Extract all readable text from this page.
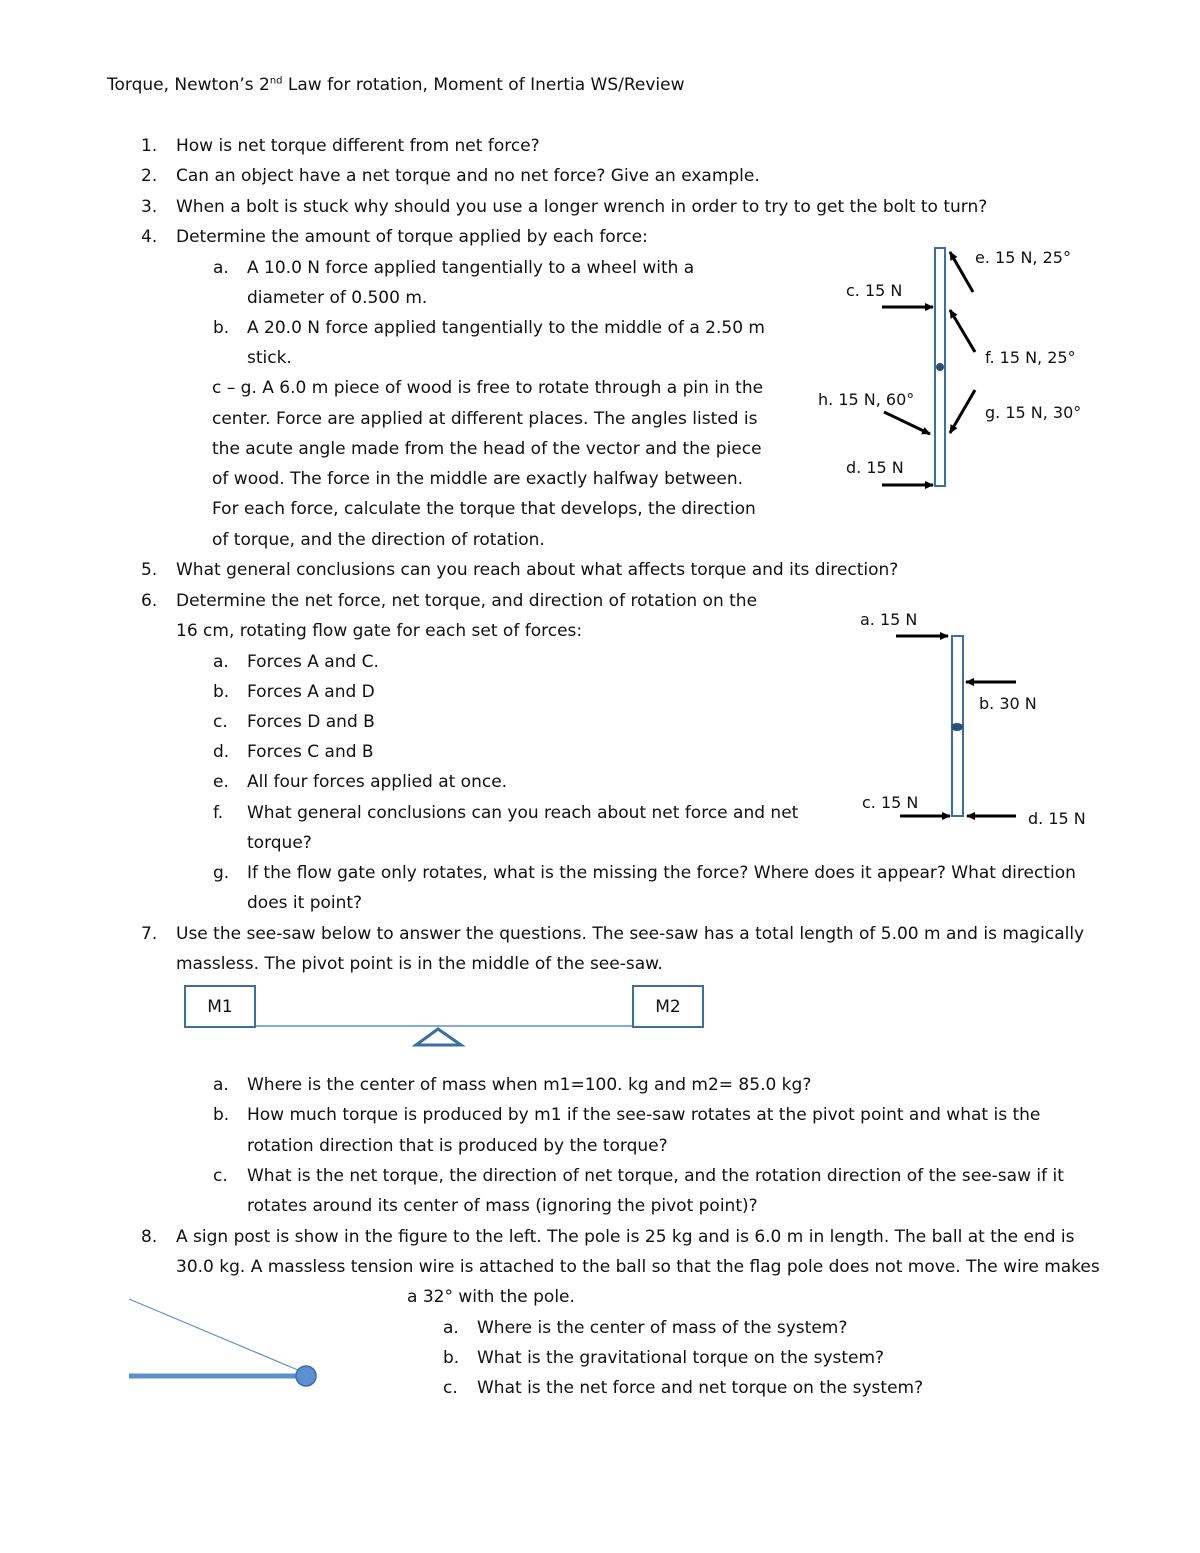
Torque, Newton’s 2nd Law for rotation, Moment of Inertia WS/Review
1. How is net torque different from net force?
2. Can an object have a net torque and no net force? Give an example.
3. When a bolt is stuck why should you use a longer wrench in order to try to get the bolt to turn?
4. Determine the amount of torque applied by each force:
a. A 10.0 N force applied tangentially to a wheel with a
diameter of 0.500 m.
b. A 20.0 N force applied tangentially to the middle of a 2.50 m
stick.
c – g. A 6.0 m piece of wood is free to rotate through a pin in the
center. Force are applied at different places. The angles listed is
the acute angle made from the head of the vector and the piece
of wood. The force in the middle are exactly halfway between.
For each force, calculate the torque that develops, the direction
of torque, and the direction of rotation.
e. 15 N, 25°
c. 15 N
f. 15 N, 25°
h. 15 N, 60°
g. 15 N, 30°
d. 15 N
5. What general conclusions can you reach about what affects torque and its direction?
6. Determine the net force, net torque, and direction of rotation on the
16 cm, rotating flow gate for each set of forces:
a. Forces A and C.
b. Forces A and D
c. Forces D and B
d. Forces C and B
e. All four forces applied at once.
f. What general conclusions can you reach about net force and net
torque?
g. If the flow gate only rotates, what is the missing the force? Where does it appear? What direction
does it point?
a. 15 N
b. 30 N
c. 15 N
d. 15 N
7. Use the see-saw below to answer the questions. The see-saw has a total length of 5.00 m and is magically
massless. The pivot point is in the middle of the see-saw.
M1	M2
a. Where is the center of mass when m1=100. kg and m2= 85.0 kg?
b. How much torque is produced by m1 if the see-saw rotates at the pivot point and what is the
rotation direction that is produced by the torque?
c. What is the net torque, the direction of net torque, and the rotation direction of the see-saw if it
rotates around its center of mass (ignoring the pivot point)?
8. A sign post is show in the figure to the left. The pole is 25 kg and is 6.0 m in length. The ball at the end is
30.0 kg. A massless tension wire is attached to the ball so that the flag pole does not move. The wire makes
a 32° with the pole.
a. Where is the center of mass of the system?
b. What is the gravitational torque on the system?
c. What is the net force and net torque on the system?
